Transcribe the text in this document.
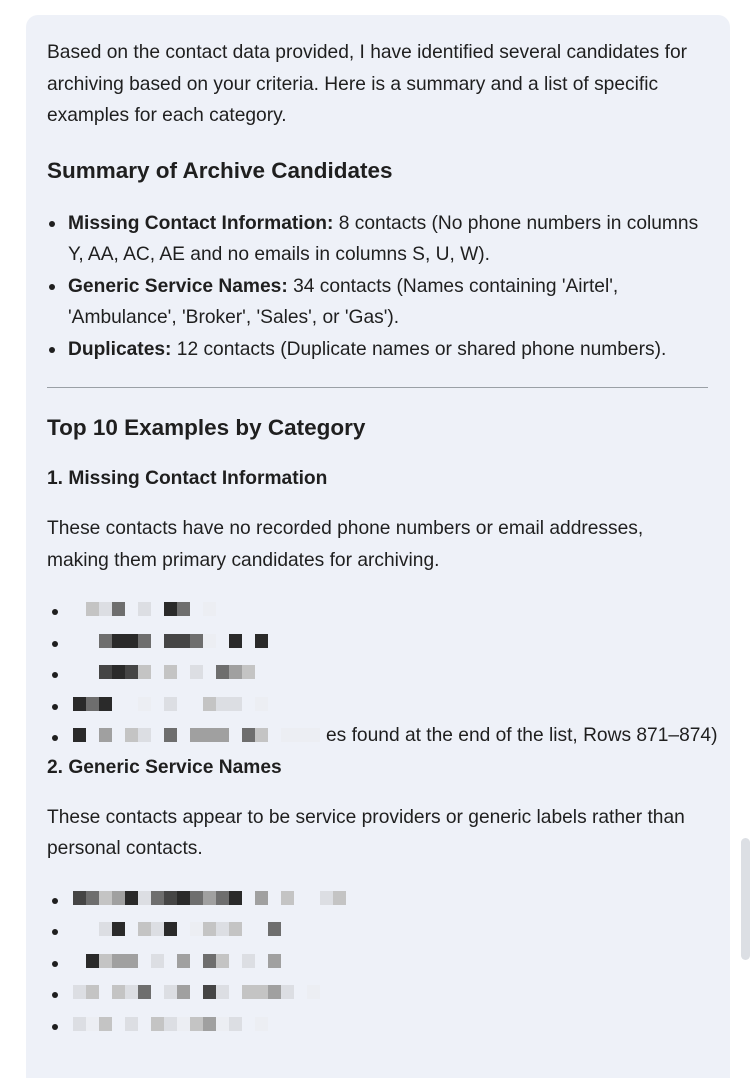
Based on the contact data provided, I have identified several candidates for archiving based on your criteria. Here is a summary and a list of specific examples for each category.

Summary of Archive Candidates
Missing Contact Information: 8 contacts (No phone numbers in columns Y, AA, AC, AE and no emails in columns S, U, W).
Generic Service Names: 34 contacts (Names containing 'Airtel', 'Ambulance', 'Broker', 'Sales', or 'Gas').
Duplicates: 12 contacts (Duplicate names or shared phone numbers).
Top 10 Examples by Category
1. Missing Contact Information

These contacts have no recorded phone numbers or email addresses, making them primary candidates for archiving.

es found at the end of the list, Rows 871–874)
2. Generic Service Names

These contacts appear to be service providers or generic labels rather than personal contacts.
